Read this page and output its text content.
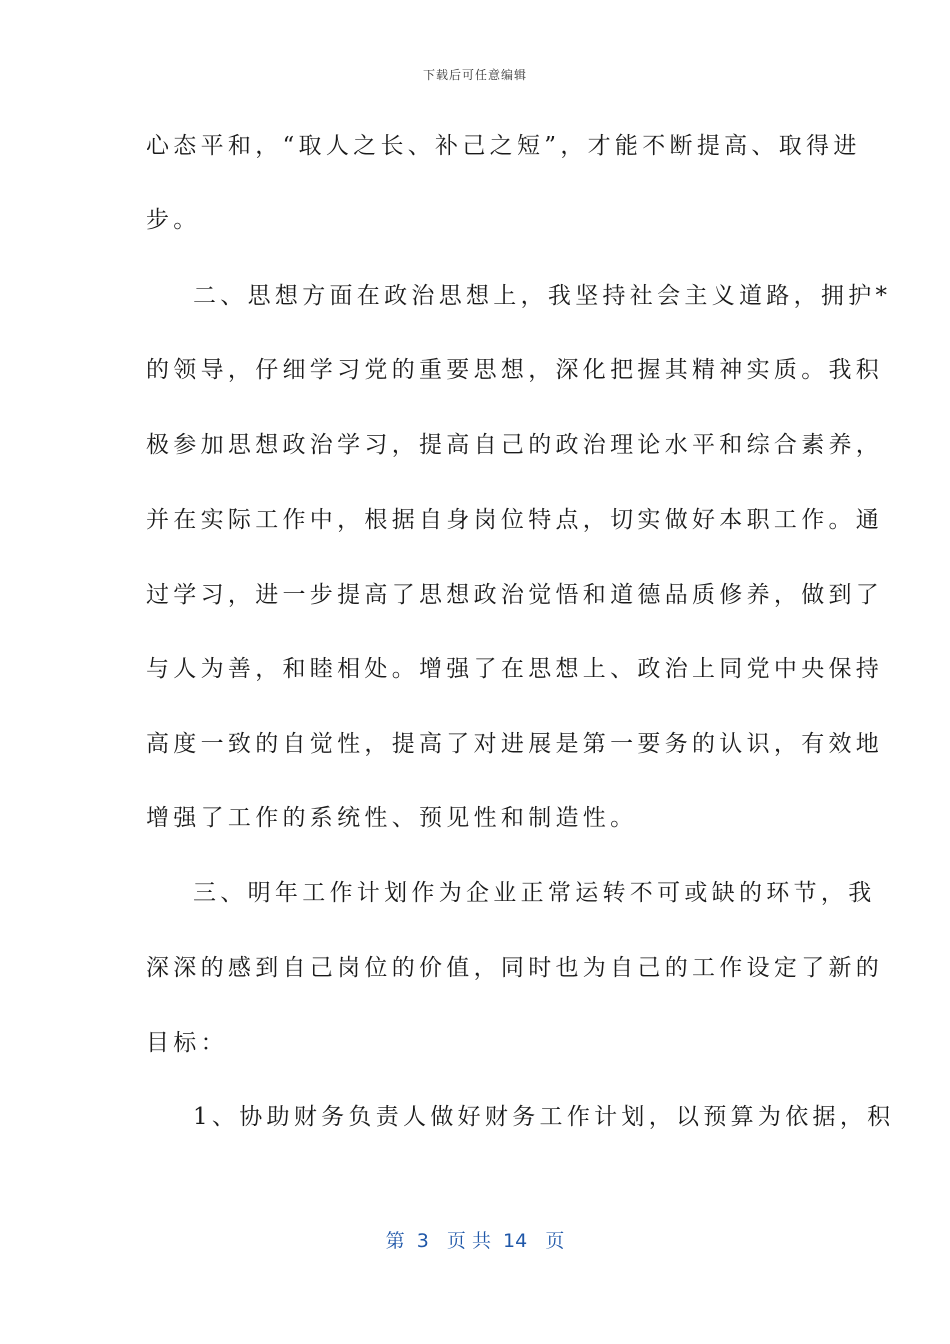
下载后可任意编辑
心态平和，“取人之长、补己之短”，才能不断提高、取得进
步。
二、思想方面在政治思想上，我坚持社会主义道路，拥护*
的领导，仔细学习党的重要思想，深化把握其精神实质。我积
极参加思想政治学习，提高自己的政治理论水平和综合素养，
并在实际工作中，根据自身岗位特点，切实做好本职工作。通
过学习，进一步提高了思想政治觉悟和道德品质修养，做到了
与人为善，和睦相处。增强了在思想上、政治上同党中央保持
高度一致的自觉性，提高了对进展是第一要务的认识，有效地
增强了工作的系统性、预见性和制造性。
三、明年工作计划作为企业正常运转不可或缺的环节，我
深深的感到自己岗位的价值，同时也为自己的工作设定了新的
目标：
1、协助财务负责人做好财务工作计划，以预算为依据，积
第  3   页 共  14   页
